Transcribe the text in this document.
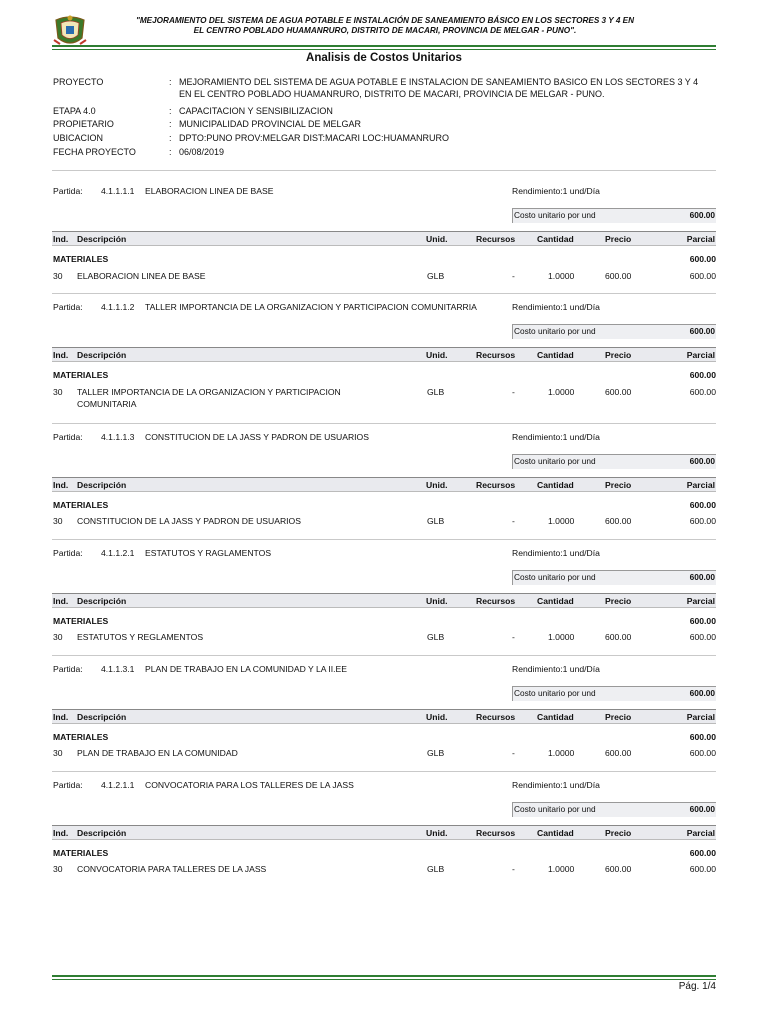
"MEJORAMIENTO DEL SISTEMA DE AGUA POTABLE E INSTALACIÓN DE SANEAMIENTO BÁSICO EN LOS SECTORES 3 Y 4 EN
EL CENTRO POBLADO HUAMANRURO, DISTRITO DE MACARI, PROVINCIA DE MELGAR - PUNO".
Analisis de Costos Unitarios
PROYECTO	: MEJORAMIENTO DEL SISTEMA DE AGUA POTABLE E INSTALACION DE SANEAMIENTO BASICO EN LOS SECTORES 3 Y 4 EN EL CENTRO POBLADO HUAMANRURO, DISTRITO DE MACARI, PROVINCIA DE MELGAR - PUNO.
ETAPA 4.0	: CAPACITACION Y SENSIBILIZACION
PROPIETARIO	: MUNICIPALIDAD PROVINCIAL DE MELGAR
UBICACION	: DPTO:PUNO PROV:MELGAR DIST:MACARI LOC:HUAMANRURO
FECHA PROYECTO	: 06/08/2019
Partida: 4.1.1.1.1 ELABORACION LINEA DE BASE	Rendimiento:1 und/Día
Costo unitario por und	600.00
Ind. Descripción	Unid.	Recursos	Cantidad	Precio	Parcial
MATERIALES	600.00
30 ELABORACION LINEA DE BASE	GLB	-	1.0000	600.00	600.00
Partida: 4.1.1.1.2 TALLER IMPORTANCIA DE LA ORGANIZACION Y PARTICIPACION COMUNITARRIA	Rendimiento:1 und/Día
Costo unitario por und	600.00
Ind. Descripción	Unid.	Recursos	Cantidad	Precio	Parcial
MATERIALES	600.00
30 TALLER IMPORTANCIA DE LA ORGANIZACION Y PARTICIPACION COMUNITARIA
GLB	-	1.0000	600.00	600.00
Partida: 4.1.1.1.3 CONSTITUCION DE LA JASS Y PADRON DE USUARIOS	Rendimiento:1 und/Día
Costo unitario por und	600.00
Ind. Descripción	Unid.	Recursos	Cantidad	Precio	Parcial
MATERIALES	600.00
30 CONSTITUCION DE LA JASS Y PADRON DE USUARIOS	GLB	-	1.0000	600.00	600.00
Partida: 4.1.1.2.1 ESTATUTOS Y RAGLAMENTOS	Rendimiento:1 und/Día
Costo unitario por und	600.00
Ind. Descripción	Unid.	Recursos	Cantidad	Precio	Parcial
MATERIALES	600.00
30 ESTATUTOS Y REGLAMENTOS	GLB	-	1.0000	600.00	600.00
Partida: 4.1.1.3.1 PLAN DE TRABAJO EN LA COMUNIDAD Y LA II.EE	Rendimiento:1 und/Día
Costo unitario por und	600.00
Ind. Descripción	Unid.	Recursos	Cantidad	Precio	Parcial
MATERIALES	600.00
30 PLAN DE TRABAJO EN LA COMUNIDAD	GLB	-	1.0000	600.00	600.00
Partida: 4.1.2.1.1 CONVOCATORIA PARA LOS TALLERES DE LA JASS	Rendimiento:1 und/Día
Costo unitario por und	600.00
Ind. Descripción	Unid.	Recursos	Cantidad	Precio	Parcial
MATERIALES	600.00
30 CONVOCATORIA PARA TALLERES DE LA JASS	GLB	-	1.0000	600.00	600.00
Pág. 1/4
